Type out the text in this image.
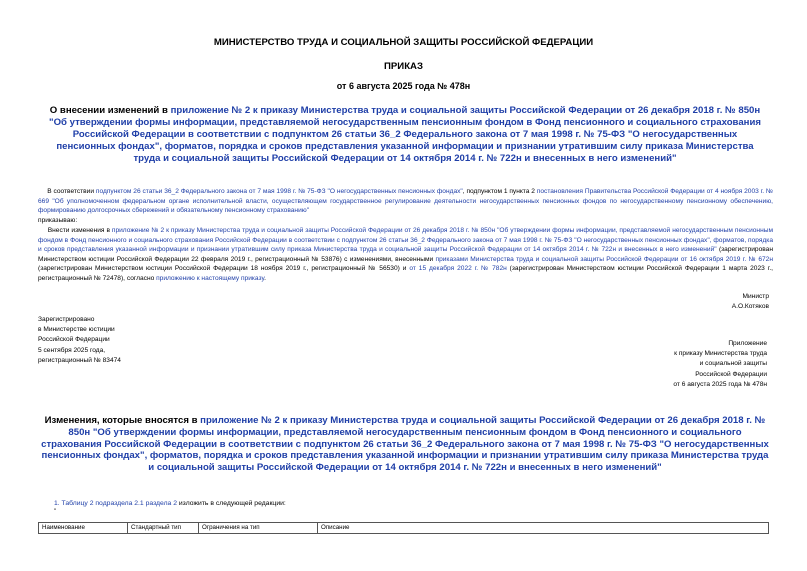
МИНИСТЕРСТВО ТРУДА И СОЦИАЛЬНОЙ ЗАЩИТЫ РОССИЙСКОЙ ФЕДЕРАЦИИ
ПРИКАЗ
от 6 августа 2025 года № 478н
О внесении изменений в приложение № 2 к приказу Министерства труда и социальной защиты Российской Федерации от 26 декабря 2018 г. № 850н "Об утверждении формы информации, представляемой негосударственным пенсионным фондом в Фонд пенсионного и социального страхования Российской Федерации в соответствии с подпунктом 26 статьи 36_2 Федерального закона от 7 мая 1998 г. № 75-ФЗ "О негосударственных пенсионных фондах", форматов, порядка и сроков представления указанной информации и признании утратившим силу приказа Министерства труда и социальной защиты Российской Федерации от 14 октября 2014 г. № 722н и внесенных в него изменений"
В соответствии подпунктом 26 статьи 36_2 Федерального закона от 7 мая 1998 г. № 75-ФЗ "О негосударственных пенсионных фондах", подпунктом 1 пункта 2 постановления Правительства Российской Федерации от 4 ноября 2003 г. № 669 "Об уполномоченном федеральном органе исполнительной власти, осуществляющем государственное регулирование деятельности негосударственных пенсионных фондов по негосударственному пенсионному обеспечению, формированию долгосрочных сбережений и обязательному пенсионному страхованию"
приказываю:
Внести изменения в приложение № 2 к приказу Министерства труда и социальной защиты Российской Федерации от 26 декабря 2018 г. № 850н "Об утверждении формы информации, представляемой негосударственным пенсионным фондом в Фонд пенсионного и социального страхования Российской Федерации в соответствии с подпунктом 26 статьи 36_2 Федерального закона от 7 мая 1998 г. № 75-ФЗ "О негосударственных пенсионных фондах", форматов, порядка и сроков представления указанной информации и признании утратившим силу приказа Министерства труда и социальной защиты Российской Федерации от 14 октября 2014 г. № 722н и внесенных в него изменений" (зарегистрирован Министерством юстиции Российской Федерации 22 февраля 2019 г., регистрационный № 53876) с изменениями, внесенными приказами Министерства труда и социальной защиты Российской Федерации от 16 октября 2019 г. № 672н (зарегистрирован Министерством юстиции Российской Федерации 18 ноября 2019 г., регистрационный № 56530) и от 15 декабря 2022 г. № 782н (зарегистрирован Министерством юстиции Российской Федерации 1 марта 2023 г., регистрационный № 72478), согласно приложению к настоящему приказу.
Министр
А.О.Котяков
Зарегистрировано
в Министерстве юстиции
Российской Федерации
5 сентября 2025 года,
регистрационный № 83474
Приложение
к приказу Министерства труда
и социальной защиты
Российской Федерации
от 6 августа 2025 года № 478н
Изменения, которые вносятся в приложение № 2 к приказу Министерства труда и социальной защиты Российской Федерации от 26 декабря 2018 г. № 850н "Об утверждении формы информации, представляемой негосударственным пенсионным фондом в Фонд пенсионного и социального страхования Российской Федерации в соответствии с подпунктом 26 статьи 36_2 Федерального закона от 7 мая 1998 г. № 75-ФЗ "О негосударственных пенсионных фондах", форматов, порядка и сроков представления указанной информации и признании утратившим силу приказа Министерства труда и социальной защиты Российской Федерации от 14 октября 2014 г. № 722н и внесенных в него изменений"
1. Таблицу 2 подраздела 2.1 раздела 2 изложить в следующей редакции:
"
Наименование	Стандартный тип	Ограничения на тип	Описание
